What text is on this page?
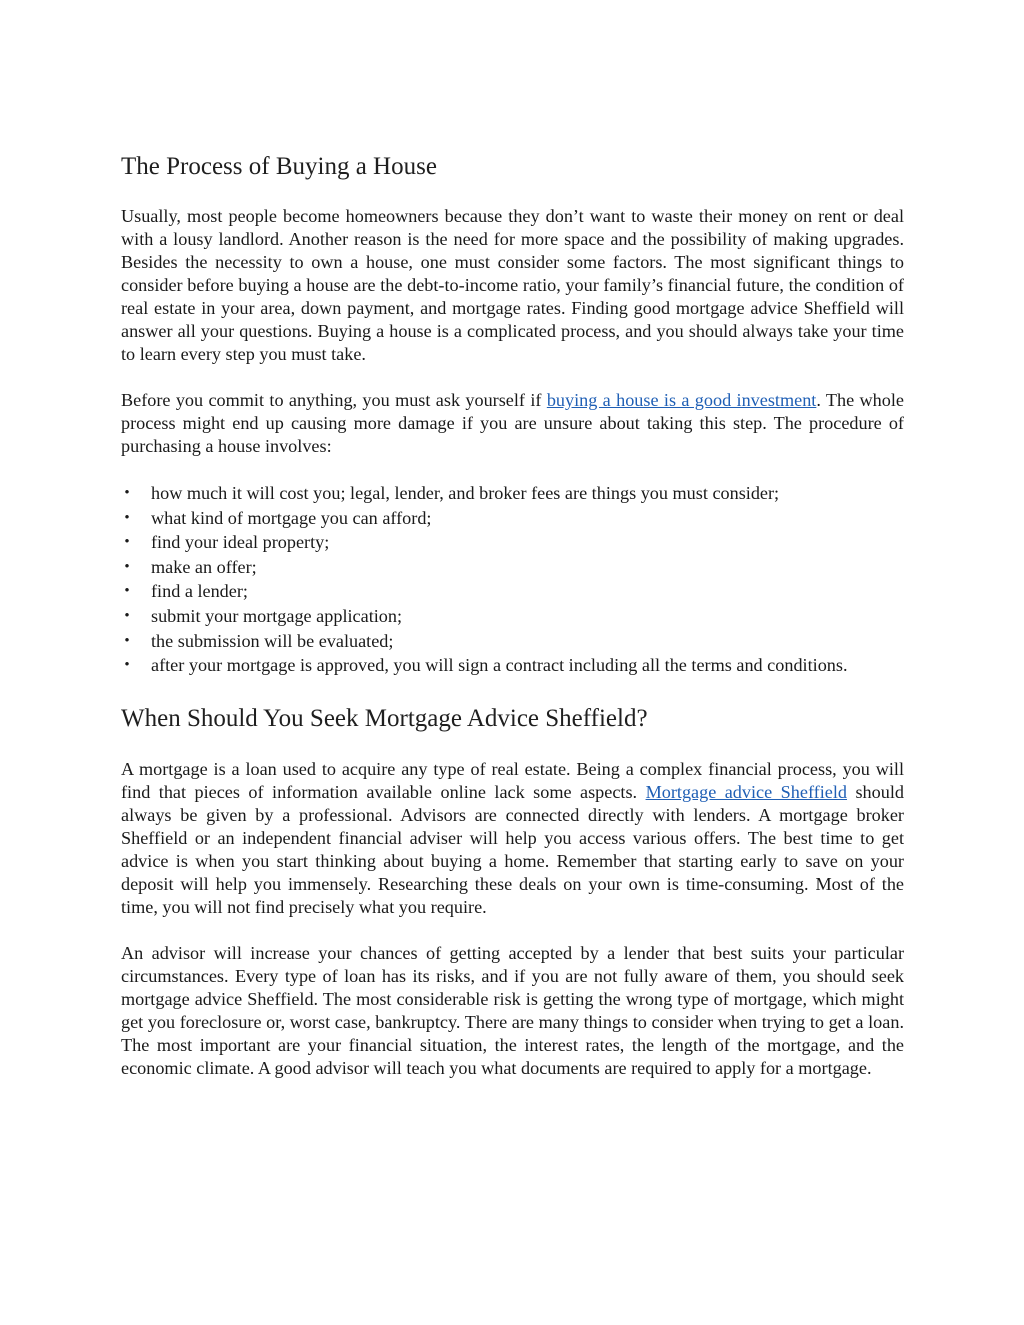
The Process of Buying a House

Usually, most people become homeowners because they don’t want to waste their money on rent or deal with a lousy landlord. Another reason is the need for more space and the possibility of making upgrades. Besides the necessity to own a house, one must consider some factors. The most significant things to consider before buying a house are the debt-to-income ratio, your family’s financial future, the condition of real estate in your area, down payment, and mortgage rates. Finding good mortgage advice Sheffield will answer all your questions. Buying a house is a complicated process, and you should always take your time to learn every step you must take.

Before you commit to anything, you must ask yourself if buying a house is a good investment. The whole process might end up causing more damage if you are unsure about taking this step. The procedure of purchasing a house involves:

• how much it will cost you; legal, lender, and broker fees are things you must consider;
• what kind of mortgage you can afford;
• find your ideal property;
• make an offer;
• find a lender;
• submit your mortgage application;
• the submission will be evaluated;
• after your mortgage is approved, you will sign a contract including all the terms and conditions.
When Should You Seek Mortgage Advice Sheffield?

A mortgage is a loan used to acquire any type of real estate. Being a complex financial process, you will find that pieces of information available online lack some aspects. Mortgage advice Sheffield should always be given by a professional. Advisors are connected directly with lenders. A mortgage broker Sheffield or an independent financial adviser will help you access various offers. The best time to get advice is when you start thinking about buying a home. Remember that starting early to save on your deposit will help you immensely. Researching these deals on your own is time-consuming. Most of the time, you will not find precisely what you require.

An advisor will increase your chances of getting accepted by a lender that best suits your particular circumstances. Every type of loan has its risks, and if you are not fully aware of them, you should seek mortgage advice Sheffield. The most considerable risk is getting the wrong type of mortgage, which might get you foreclosure or, worst case, bankruptcy. There are many things to consider when trying to get a loan. The most important are your financial situation, the interest rates, the length of the mortgage, and the economic climate. A good advisor will teach you what documents are required to apply for a mortgage.
